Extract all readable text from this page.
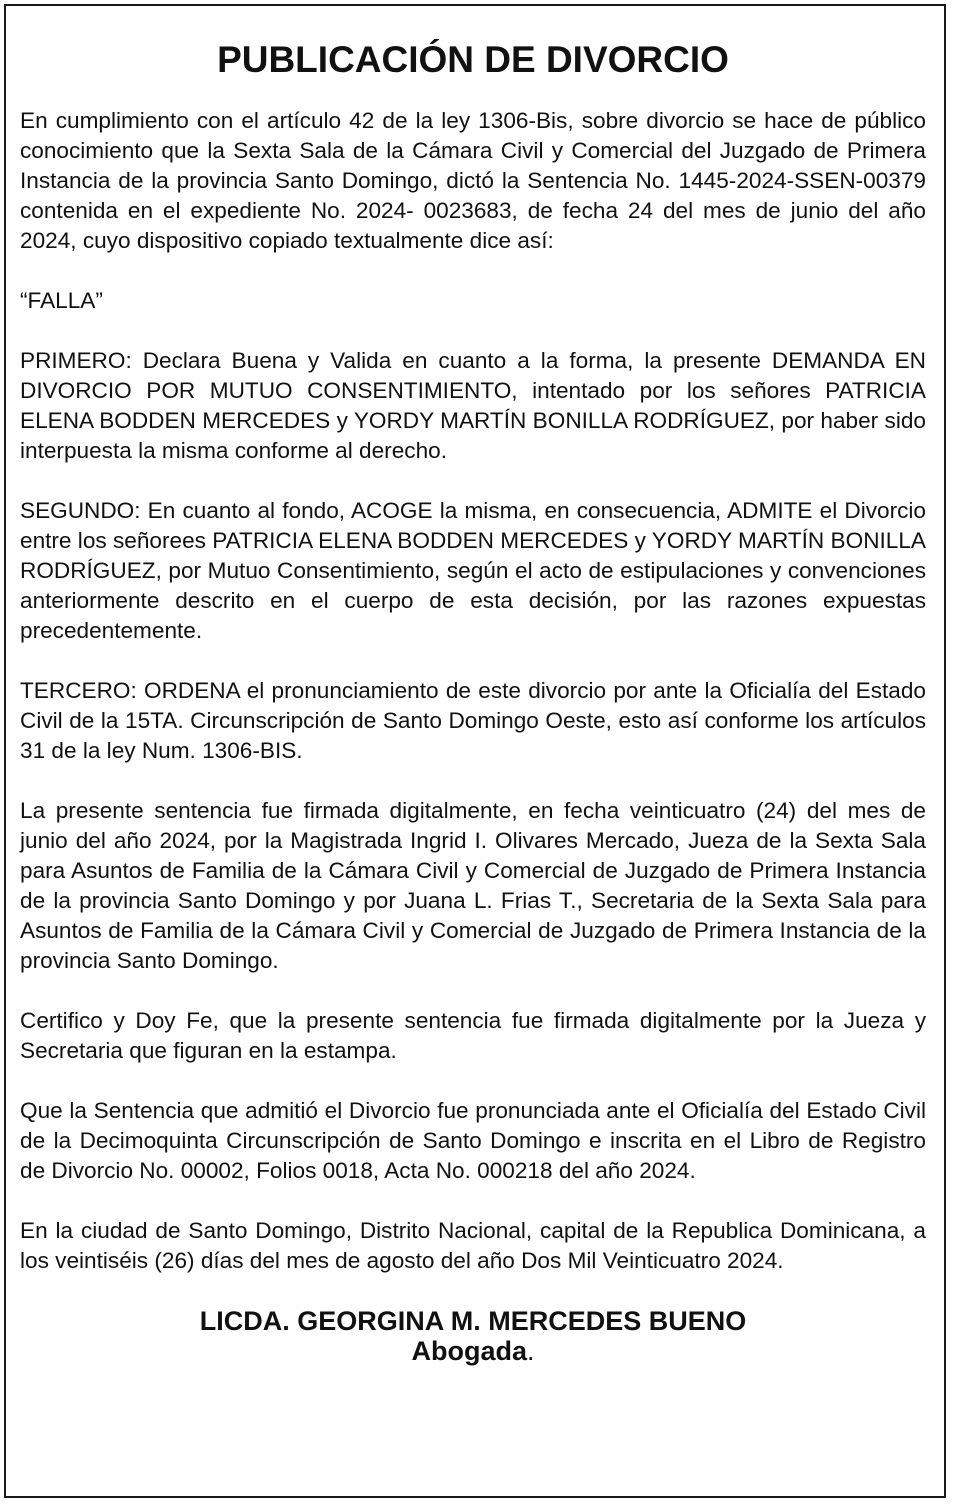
PUBLICACIÓN DE DIVORCIO
En cumplimiento con el artículo 42 de la ley 1306-Bis, sobre divorcio se hace de público conocimiento que la Sexta Sala de la Cámara Civil y Comercial del Juzgado de Primera Instancia de la provincia Santo Domingo, dictó la Sentencia No. 1445-2024-SSEN-00379 contenida en el expediente No. 2024- 0023683, de fecha 24 del mes de junio del año 2024, cuyo dispositivo copiado textualmente dice así:
“FALLA”
PRIMERO: Declara Buena y Valida en cuanto a la forma, la presente DEMANDA EN DIVORCIO POR MUTUO CONSENTIMIENTO, intentado por los señores PATRICIA ELENA BODDEN MERCEDES y YORDY MARTÍN BONILLA RODRÍGUEZ, por haber sido interpuesta la misma conforme al derecho.
SEGUNDO: En cuanto al fondo, ACOGE la misma, en consecuencia, ADMITE el Divorcio entre los señorees PATRICIA ELENA BODDEN MERCEDES y YORDY MARTÍN BONILLA RODRÍGUEZ, por Mutuo Consentimiento, según el acto de estipulaciones y convenciones anteriormente descrito en el cuerpo de esta decisión, por las razones expuestas precedentemente.
TERCERO: ORDENA el pronunciamiento de este divorcio por ante la Oficialía del Estado Civil de la 15TA. Circunscripción de Santo Domingo Oeste, esto así conforme los artículos 31 de la ley Num. 1306-BIS.
La presente sentencia fue firmada digitalmente, en fecha veinticuatro (24) del mes de junio del año 2024, por la Magistrada Ingrid I. Olivares Mercado, Jueza de la Sexta Sala para Asuntos de Familia de la Cámara Civil y Comercial de Juzgado de Primera Instancia de la provincia Santo Domingo y por Juana L. Frias T., Secretaria de la Sexta Sala para Asuntos de Familia de la Cámara Civil y Comercial de Juzgado de Primera Instancia de la provincia Santo Domingo.
Certifico y Doy Fe, que la presente sentencia fue firmada digitalmente por la Jueza y Secretaria que figuran en la estampa.
Que la Sentencia que admitió el Divorcio fue pronunciada ante el Oficialía del Estado Civil de la Decimoquinta Circunscripción de Santo Domingo e inscrita en el Libro de Registro de Divorcio No. 00002, Folios 0018, Acta No. 000218 del año 2024.
En la ciudad de Santo Domingo, Distrito Nacional, capital de la Republica Dominicana, a los veintiséis (26) días del mes de agosto del año Dos Mil Veinticuatro 2024.
LICDA. GEORGINA M. MERCEDES BUENO
Abogada.
